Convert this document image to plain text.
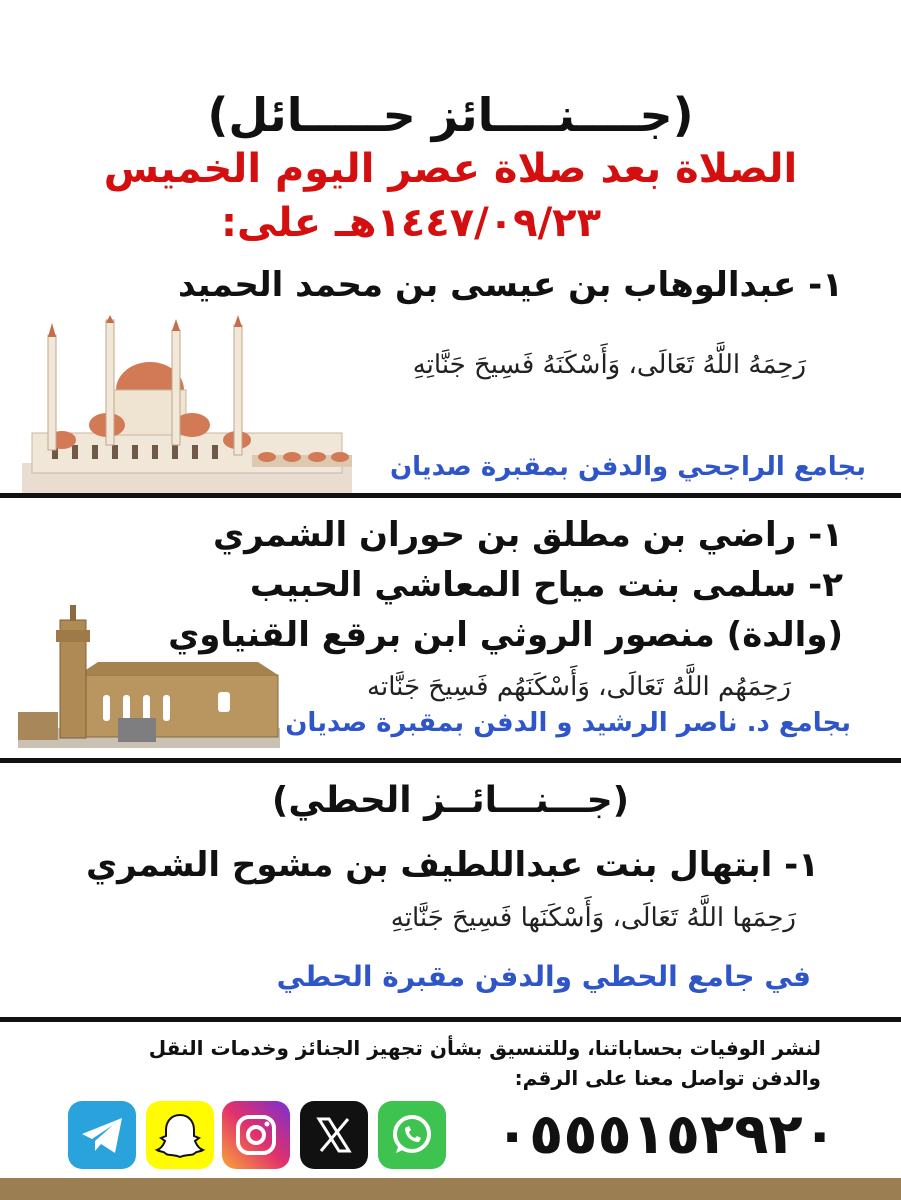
(جــــنــــائز حـــــائل)
الصلاة بعد صلاة عصر اليوم الخميس
١٤٤٧/٠٩/٢٣هـ على:
١- عبدالوهاب بن عيسى بن محمد الحميد
رَحِمَهُ اللَّهُ تَعَالَى، وَأَسْكَنَهُ فَسِيحَ جَنَّاتِهِ
بجامع الراجحي والدفن بمقبرة صديان
١- راضي بن مطلق بن حوران الشمري
٢- سلمى بنت مياح المعاشي الحبيب
(والدة) منصور الروثي ابن برقع القنياوي
رَحِمَهُم اللَّهُ تَعَالَى، وَأَسْكَنَهُم فَسِيحَ جَنَّاته
بجامع د. ناصر الرشيد و الدفن بمقبرة صديان
(جـــنـــائــز الحطي)
١- ابتهال بنت عبداللطيف بن مشوح الشمري
رَحِمَها اللَّهُ تَعَالَى، وَأَسْكَنَها فَسِيحَ جَنَّاتِهِ
في جامع الحطي والدفن مقبرة الحطي
لنشر الوفيات بحساباتنا، وللتنسيق بشأن تجهيز الجنائز وخدمات النقل
والدفن تواصل معنا على الرقم:
٠٥٥٥١٥٢٩٢٠
